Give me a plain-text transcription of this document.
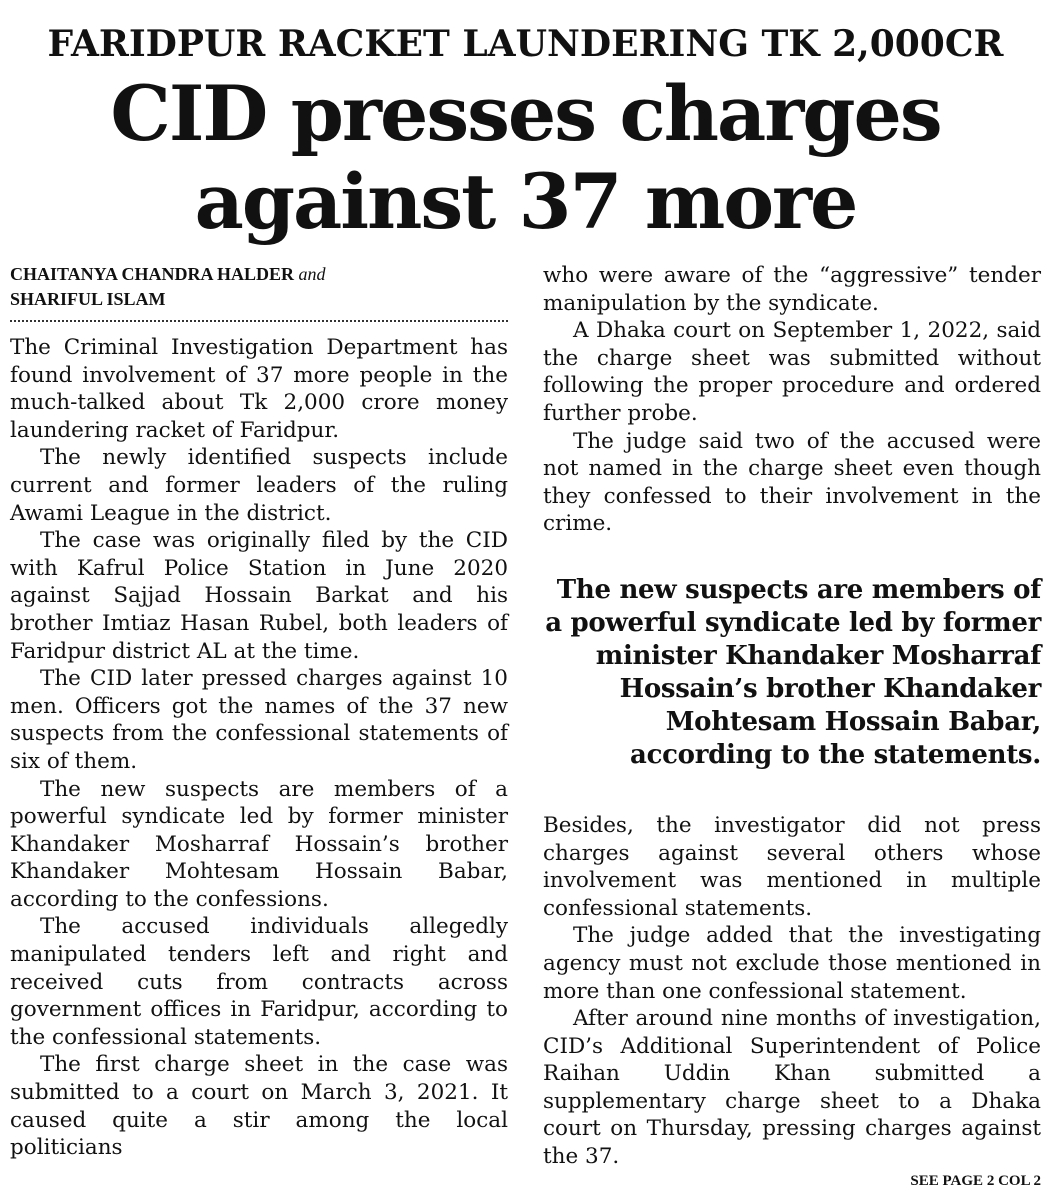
FARIDPUR RACKET LAUNDERING TK 2,000CR
CID presses charges
against 37 more
CHAITANYA CHANDRA HALDER and
SHARIFUL ISLAM

The Criminal Investigation Department has found involvement of 37 more people in the much-talked about Tk 2,000 crore money laundering racket of Faridpur.

The newly identified suspects include current and former leaders of the ruling Awami League in the district.

The case was originally filed by the CID with Kafrul Police Station in June 2020 against Sajjad Hossain Barkat and his brother Imtiaz Hasan Rubel, both leaders of Faridpur district AL at the time.

The CID later pressed charges against 10 men. Officers got the names of the 37 new suspects from the confessional statements of six of them.

The new suspects are members of a powerful syndicate led by former minister Khandaker Mosharraf Hossain’s brother Khandaker Mohtesam Hossain Babar, according to the confessions.

The accused individuals allegedly manipulated tenders left and right and received cuts from contracts across government offices in Faridpur, according to the confessional statements.

The first charge sheet in the case was submitted to a court on March 3, 2021. It caused quite a stir among the local politicians

who were aware of the “aggressive” tender manipulation by the syndicate.

A Dhaka court on September 1, 2022, said the charge sheet was submitted without following the proper procedure and ordered further probe.

The judge said two of the accused were not named in the charge sheet even though they confessed to their involvement in the crime.

The new suspects are members of a powerful syndicate led by former minister Khandaker Mosharraf Hossain’s brother Khandaker Mohtesam Hossain Babar, according to the statements.

Besides, the investigator did not press charges against several others whose involvement was mentioned in multiple confessional statements.

The judge added that the investigating agency must not exclude those mentioned in more than one confessional statement.

After around nine months of investigation, CID’s Additional Superintendent of Police Raihan Uddin Khan submitted a supplementary charge sheet to a Dhaka court on Thursday, pressing charges against the 37.

SEE PAGE 2 COL 2
